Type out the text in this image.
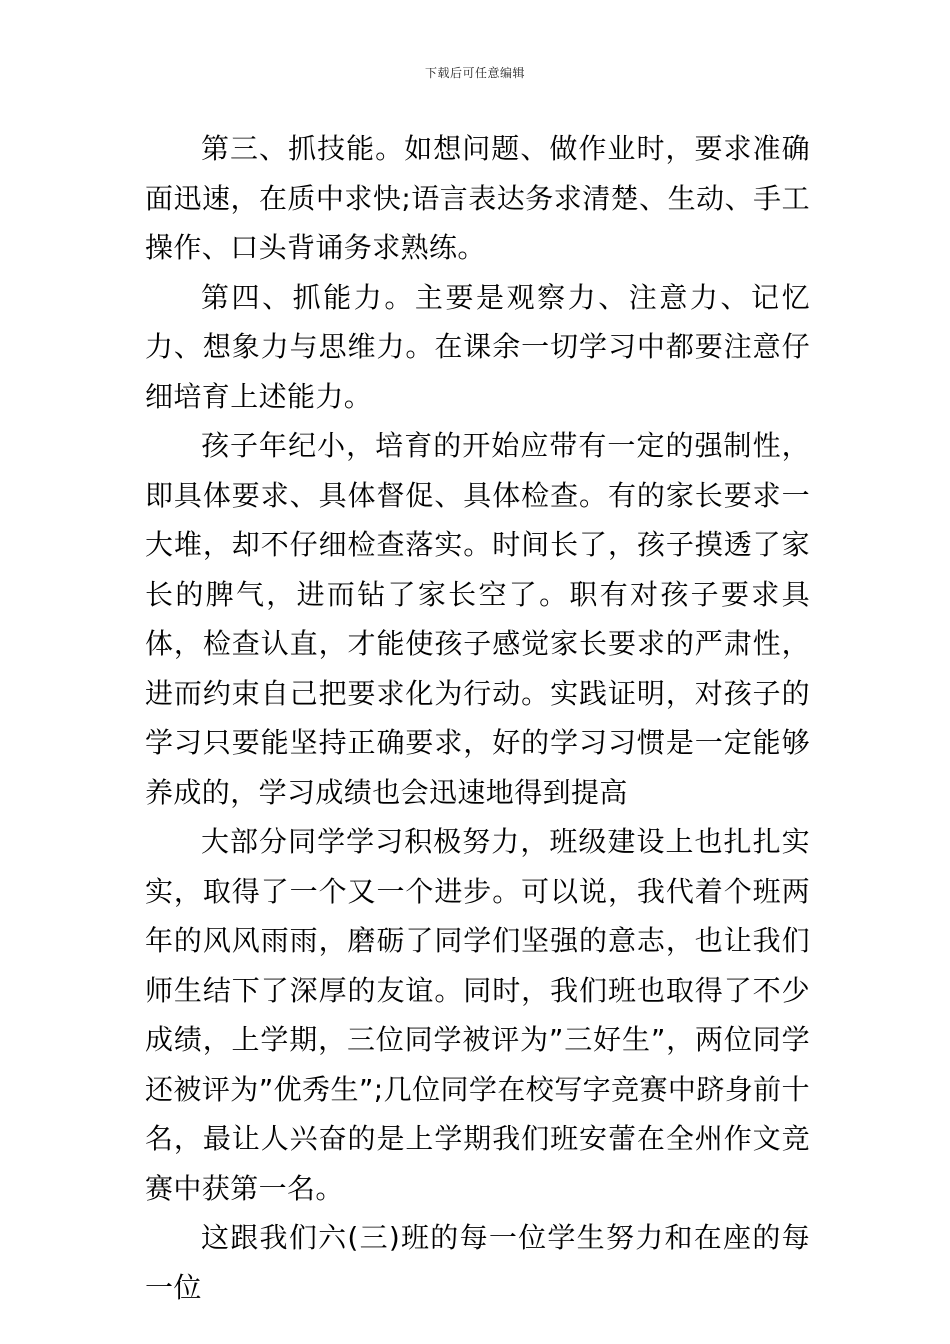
下载后可任意编辑

第三、抓技能。如想问题、做作业时，要求准确面迅速，在质中求快;语言表达务求清楚、生动、手工操作、口头背诵务求熟练。

第四、抓能力。主要是观察力、注意力、记忆力、想象力与思维力。在课余一切学习中都要注意仔细培育上述能力。

孩子年纪小，培育的开始应带有一定的强制性，即具体要求、具体督促、具体检查。有的家长要求一大堆，却不仔细检查落实。时间长了，孩子摸透了家长的脾气，进而钻了家长空了。职有对孩子要求具体，检查认直，才能使孩子感觉家长要求的严肃性，进而约束自己把要求化为行动。实践证明，对孩子的学习只要能坚持正确要求，好的学习习惯是一定能够养成的，学习成绩也会迅速地得到提高

大部分同学学习积极努力，班级建设上也扎扎实实，取得了一个又一个进步。可以说，我代着个班两年的风风雨雨，磨砺了同学们坚强的意志，也让我们师生结下了深厚的友谊。同时，我们班也取得了不少成绩，上学期，三位同学被评为”三好生”，两位同学还被评为”优秀生”;几位同学在校写字竞赛中跻身前十名，最让人兴奋的是上学期我们班安蕾在全州作文竞赛中获第一名。

这跟我们六(三)班的每一位学生努力和在座的每一位
